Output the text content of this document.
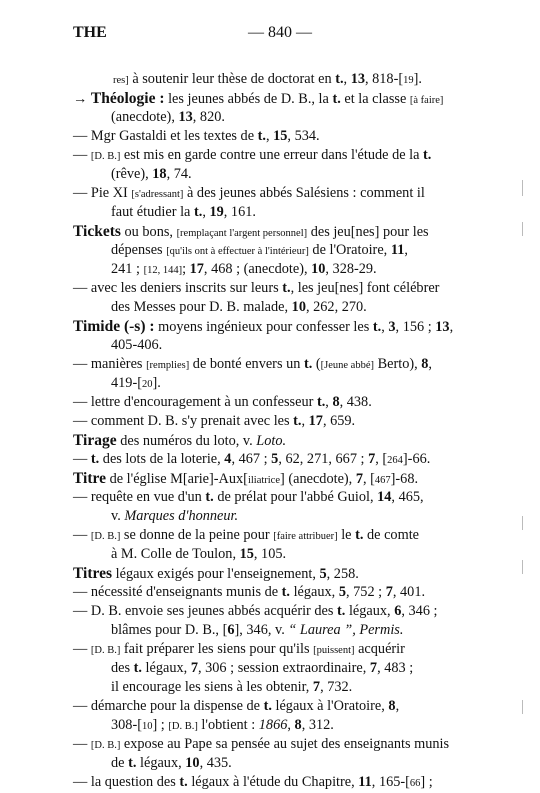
THE	— 840 —
res] à soutenir leur thèse de doctorat en t., 13, 818-[19].
→ Théologie : les jeunes abbés de D. B., la t. et la classe [à faire]
(anecdote), 13, 820.
— Mgr Gastaldi et les textes de t., 15, 534.
— [D. B.] est mis en garde contre une erreur dans l'étude de la t.
(rêve), 18, 74.
— Pie XI [s'adressant] à des jeunes abbés Salésiens : comment il
faut étudier la t., 19, 161.
Tickets ou bons, [remplaçant l'argent personnel] des jeu[nes] pour les
dépenses [qu'ils ont à effectuer à l'intérieur] de l'Oratoire, 11,
241 ; [12, 144]; 17, 468 ; (anecdote), 10, 328-29.
— avec les deniers inscrits sur leurs t., les jeu[nes] font célébrer
des Messes pour D. B. malade, 10, 262, 270.
Timide (-s) : moyens ingénieux pour confesser les t., 3, 156 ; 13,
405-406.
— manières [remplies] de bonté envers un t. ([Jeune abbé] Berto), 8,
419-[20].
— lettre d'encouragement à un confesseur t., 8, 438.
— comment D. B. s'y prenait avec les t., 17, 659.
Tirage des numéros du loto, v. Loto.
— t. des lots de la loterie, 4, 467 ; 5, 62, 271, 667 ; 7, [264]-66.
Titre de l'église M[arie]-Aux[iliatrice] (anecdote), 7, [467]-68.
— requête en vue d'un t. de prélat pour l'abbé Guiol, 14, 465,
v. Marques d'honneur.
— [D. B.] se donne de la peine pour [faire attribuer] le t. de comte
à M. Colle de Toulon, 15, 105.
Titres légaux exigés pour l'enseignement, 5, 258.
— nécessité d'enseignants munis de t. légaux, 5, 752 ; 7, 401.
— D. B. envoie ses jeunes abbés acquérir des t. légaux, 6, 346 ;
blâmes pour D. B., [6], 346, v. “ Laurea ”, Permis.
— [D. B.] fait préparer les siens pour qu'ils [puissent] acquérir
des t. légaux, 7, 306 ; session extraordinaire, 7, 483 ;
il encourage les siens à les obtenir, 7, 732.
— démarche pour la dispense de t. légaux à l'Oratoire, 8,
308-[10] ; [D. B.] l'obtient : 1866, 8, 312.
— [D. B.] expose au Pape sa pensée au sujet des enseignants munis
de t. légaux, 10, 435.
— la question des t. légaux à l'étude du Chapitre, 11, 165-[66] ;
